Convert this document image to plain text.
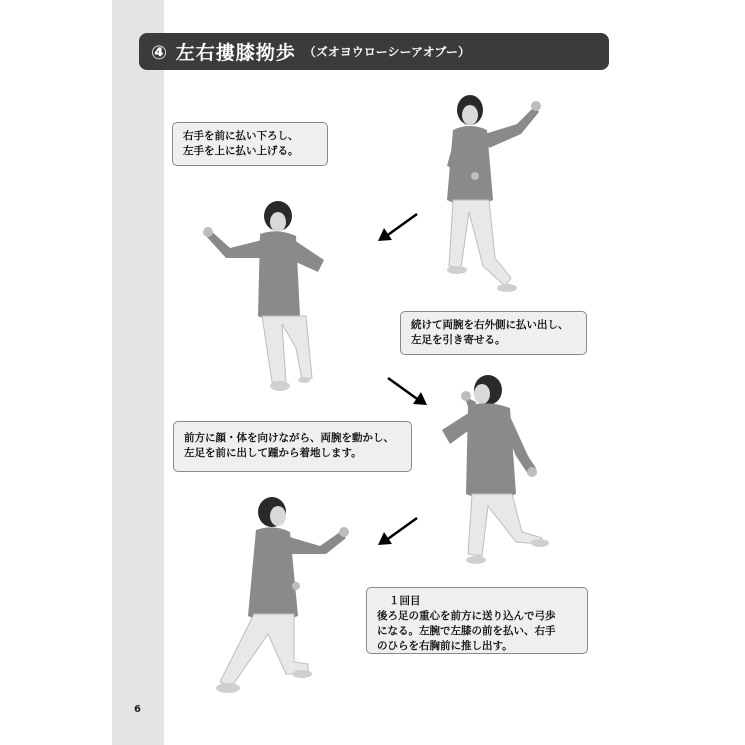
④ 左右摟膝拗歩 （ズオヨウローシーアオブー）
右手を前に払い下ろし、
左手を上に払い上げる。
続けて両腕を右外側に払い出し、
左足を引き寄せる。
前方に顔・体を向けながら、両腕を動かし、
左足を前に出して踵から着地します。
１回目
後ろ足の重心を前方に送り込んで弓歩
になる。左腕で左膝の前を払い、右手
のひらを右胸前に推し出す。
6
